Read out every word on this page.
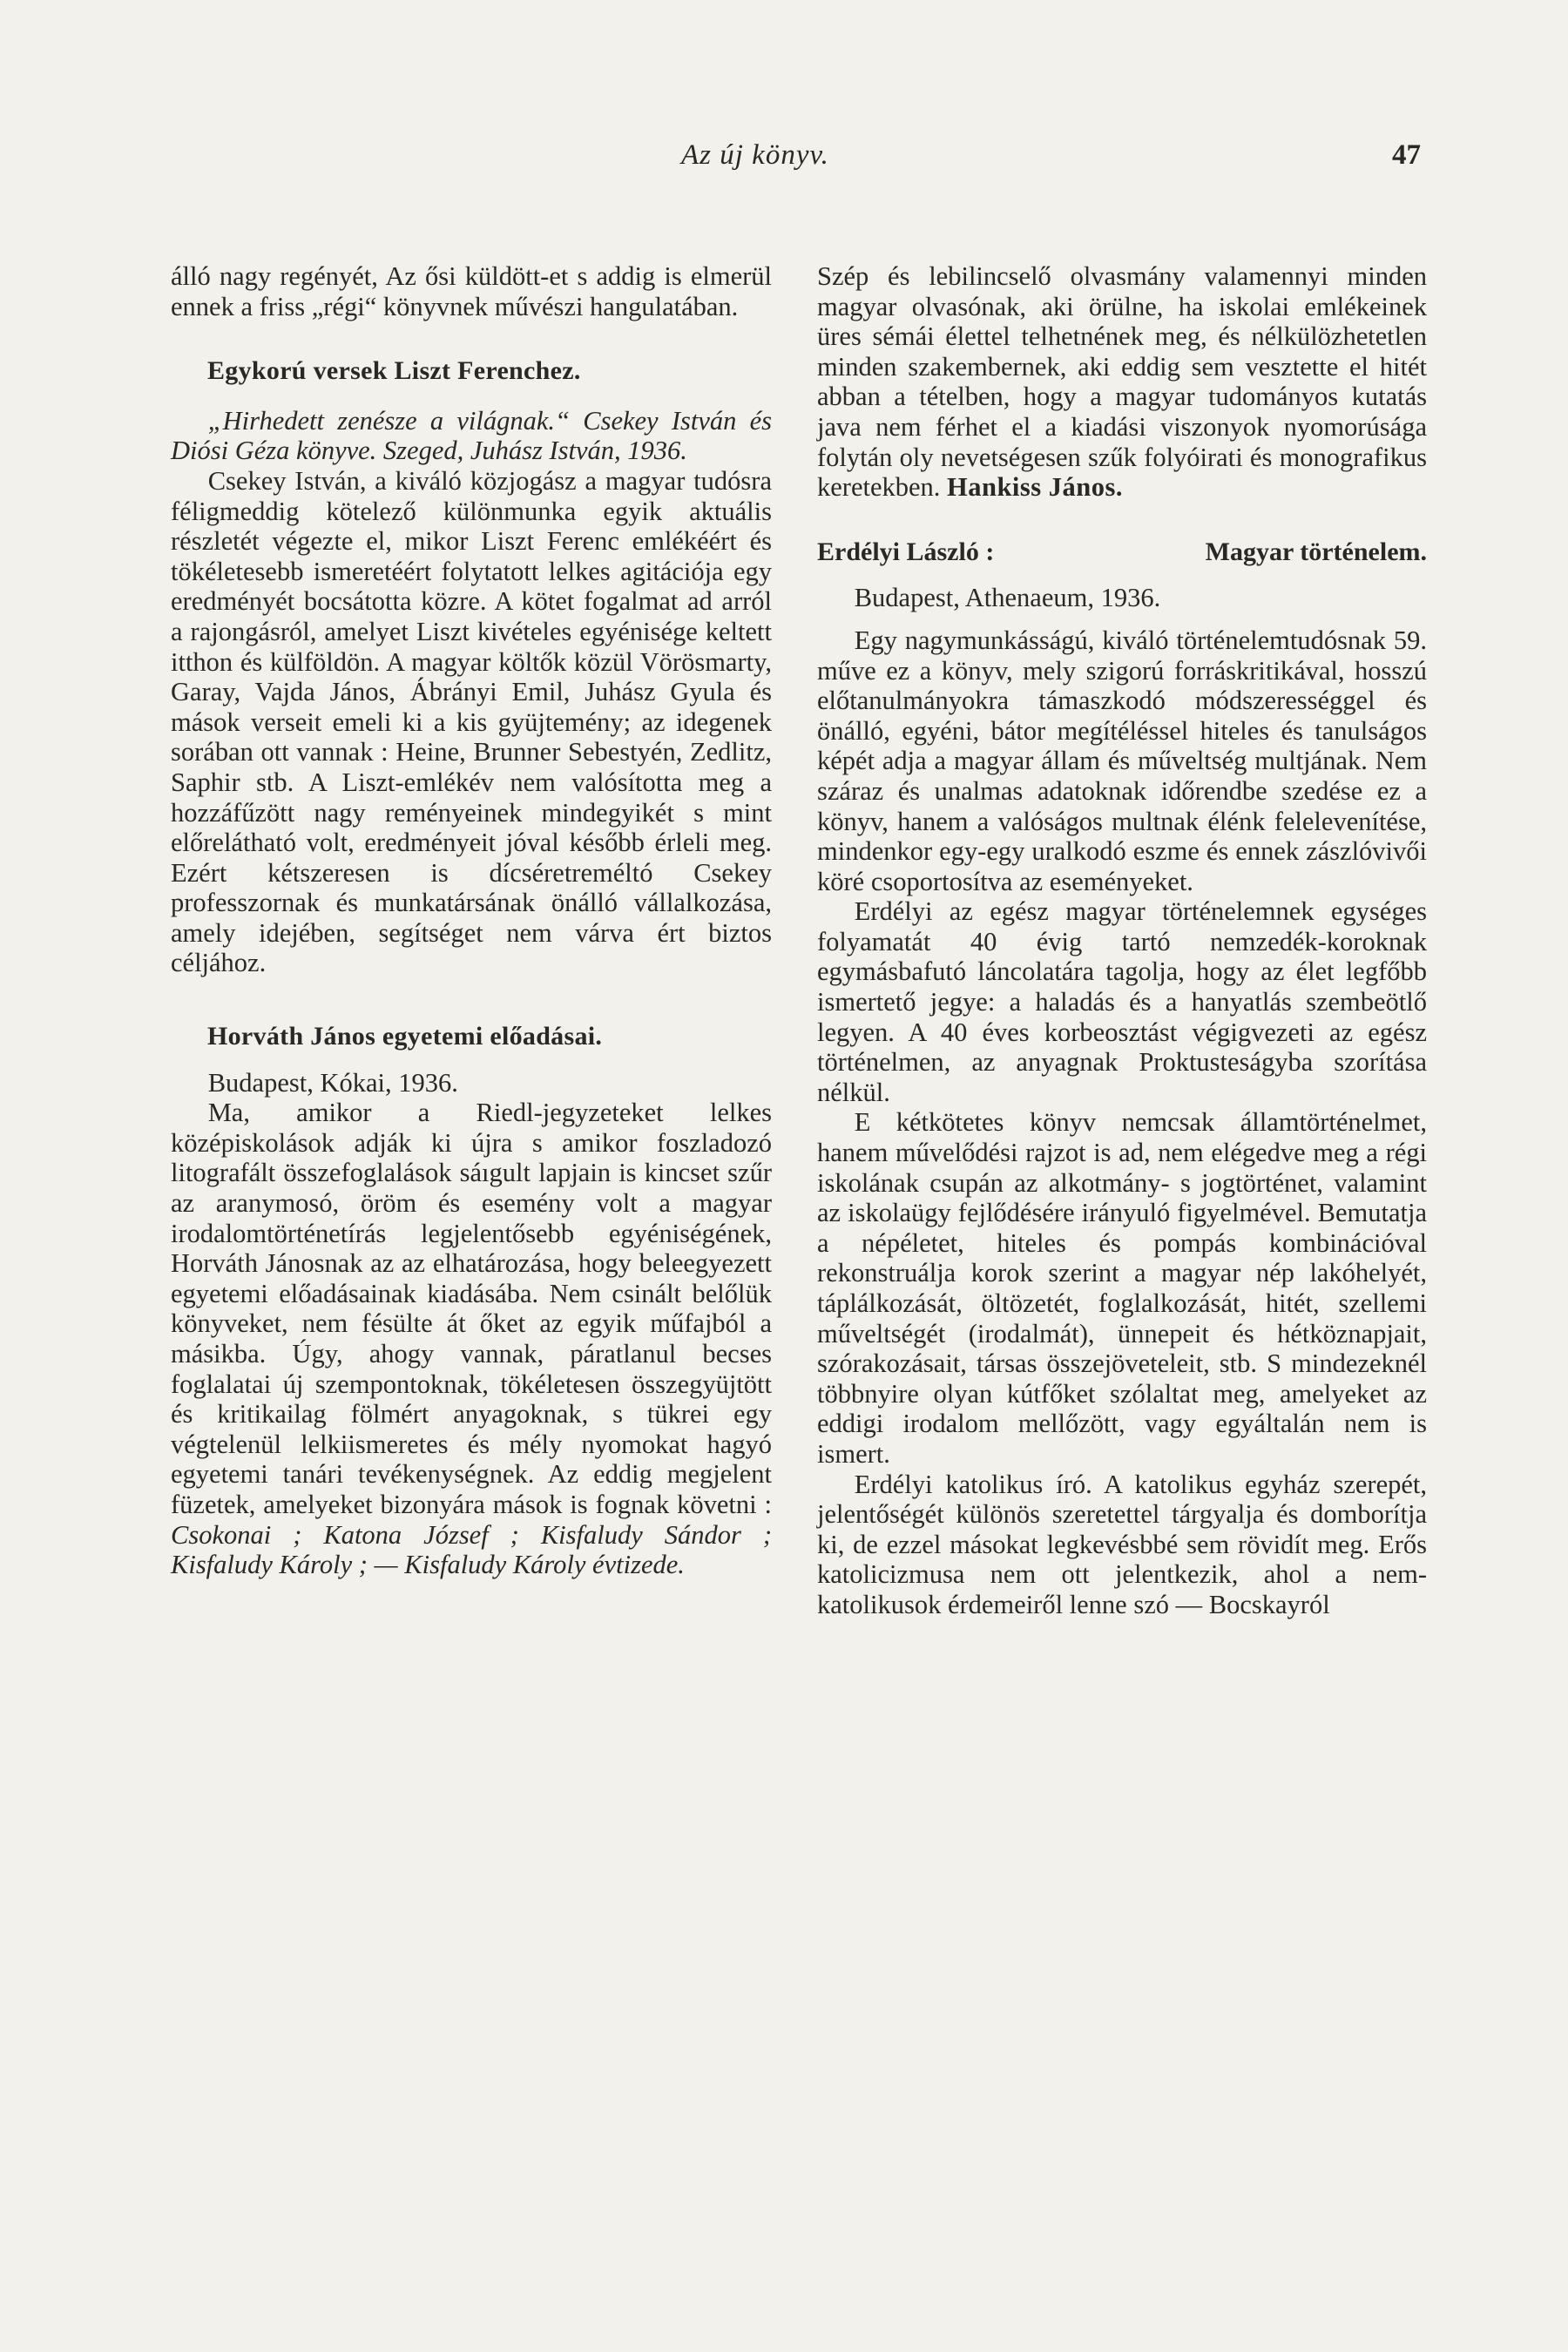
Az új könyv.	47

álló nagy regényét, Az ősi küldött-et s addig is elmerül ennek a friss „régi“ könyvnek művészi hangulatában.

Egykorú versek Liszt Ferenchez.

„Hirhedett zenésze a világnak.“ Csekey István és Diósi Géza könyve. Szeged, Juhász István, 1936.

Csekey István, a kiváló közjogász a magyar tudósra féligmeddig kötelező különmunka egyik aktuális részletét végezte el, mikor Liszt Ferenc emlékéért és tökéletesebb ismeretéért folytatott lelkes agitációja egy eredményét bocsátotta közre. A kötet fogalmat ad arról a rajongásról, amelyet Liszt kivételes egyénisége keltett itthon és külföldön. A magyar költők közül Vörösmarty, Garay, Vajda János, Ábrányi Emil, Juhász Gyula és mások verseit emeli ki a kis gyüjtemény; az idegenek sorában ott vannak : Heine, Brunner Sebestyén, Zedlitz, Saphir stb. A Liszt-emlékév nem valósította meg a hozzáfűzött nagy reményeinek mindegyikét s mint előrelátható volt, eredményeit jóval később érleli meg. Ezért kétszeresen is dícséretreméltó Csekey professzornak és munkatársának önálló vállalkozása, amely idejében, segítséget nem várva ért biztos céljához.

Horváth János egyetemi előadásai.

Budapest, Kókai, 1936.

Ma, amikor a Riedl-jegyzeteket lelkes középiskolások adják ki újra s amikor foszladozó litografált összefoglalások sáıgult lapjain is kincset szűr az aranymosó, öröm és esemény volt a magyar irodalomtörténetírás legjelentősebb egyéniségének, Horváth Jánosnak az az elhatározása, hogy beleegyezett egyetemi előadásainak kiadásába. Nem csinált belőlük könyveket, nem fésülte át őket az egyik műfajból a másikba. Úgy, ahogy vannak, páratlanul becses foglalatai új szempontoknak, tökéletesen összegyüjtött és kritikailag fölmért anyagoknak, s tükrei egy végtelenül lelkiismeretes és mély nyomokat hagyó egyetemi tanári tevékenységnek. Az eddig megjelent füzetek, amelyeket bizonyára mások is fognak követni : Csokonai ; Katona József ; Kisfaludy Sándor ; Kisfaludy Károly ; — Kisfaludy Károly évtizede.

Szép és lebilincselő olvasmány valamennyi minden magyar olvasónak, aki örülne, ha iskolai emlékeinek üres sémái élettel telhetnének meg, és nélkülözhetetlen minden szakembernek, aki eddig sem vesztette el hitét abban a tételben, hogy a magyar tudományos kutatás java nem férhet el a kiadási viszonyok nyomorúsága folytán oly nevetségesen szűk folyóirati és monografikus keretekben. Hankiss János.

Erdélyi László :	Magyar történelem.

Budapest, Athenaeum, 1936.

Egy nagymunkásságú, kiváló történelemtudósnak 59. műve ez a könyv, mely szigorú forráskritikával, hosszú előtanulmányokra támaszkodó módszerességgel és önálló, egyéni, bátor megítéléssel hiteles és tanulságos képét adja a magyar állam és műveltség multjának. Nem száraz és unalmas adatoknak időrendbe szedése ez a könyv, hanem a valóságos multnak élénk felelevenítése, mindenkor egy-egy uralkodó eszme és ennek zászlóvivői köré csoportosítva az eseményeket.

Erdélyi az egész magyar történelemnek egységes folyamatát 40 évig tartó nemzedék-koroknak egymásbafutó láncolatára tagolja, hogy az élet legfőbb ismertető jegye: a haladás és a hanyatlás szembeötlő legyen. A 40 éves korbeosztást végigvezeti az egész történelmen, az anyagnak Proktusteságyba szorítása nélkül.

E kétkötetes könyv nemcsak államtörténelmet, hanem művelődési rajzot is ad, nem elégedve meg a régi iskolának csupán az alkotmány- s jogtörténet, valamint az iskolaügy fejlődésére irányuló figyelmével. Bemutatja a népéletet, hiteles és pompás kombinációval rekonstruálja korok szerint a magyar nép lakóhelyét, táplálkozását, öltözetét, foglalkozását, hitét, szellemi műveltségét (irodalmát), ünnepeit és hétköznapjait, szórakozásait, társas összejöveteleit, stb. S mindezeknél többnyire olyan kútfőket szólaltat meg, amelyeket az eddigi irodalom mellőzött, vagy egyáltalán nem is ismert.

Erdélyi katolikus író. A katolikus egyház szerepét, jelentőségét különös szeretettel tárgyalja és domborítja ki, de ezzel másokat legkevésbbé sem rövidít meg. Erős katolicizmusa nem ott jelentkezik, ahol a nem-katolikusok érdemeiről lenne szó — Bocskayról
